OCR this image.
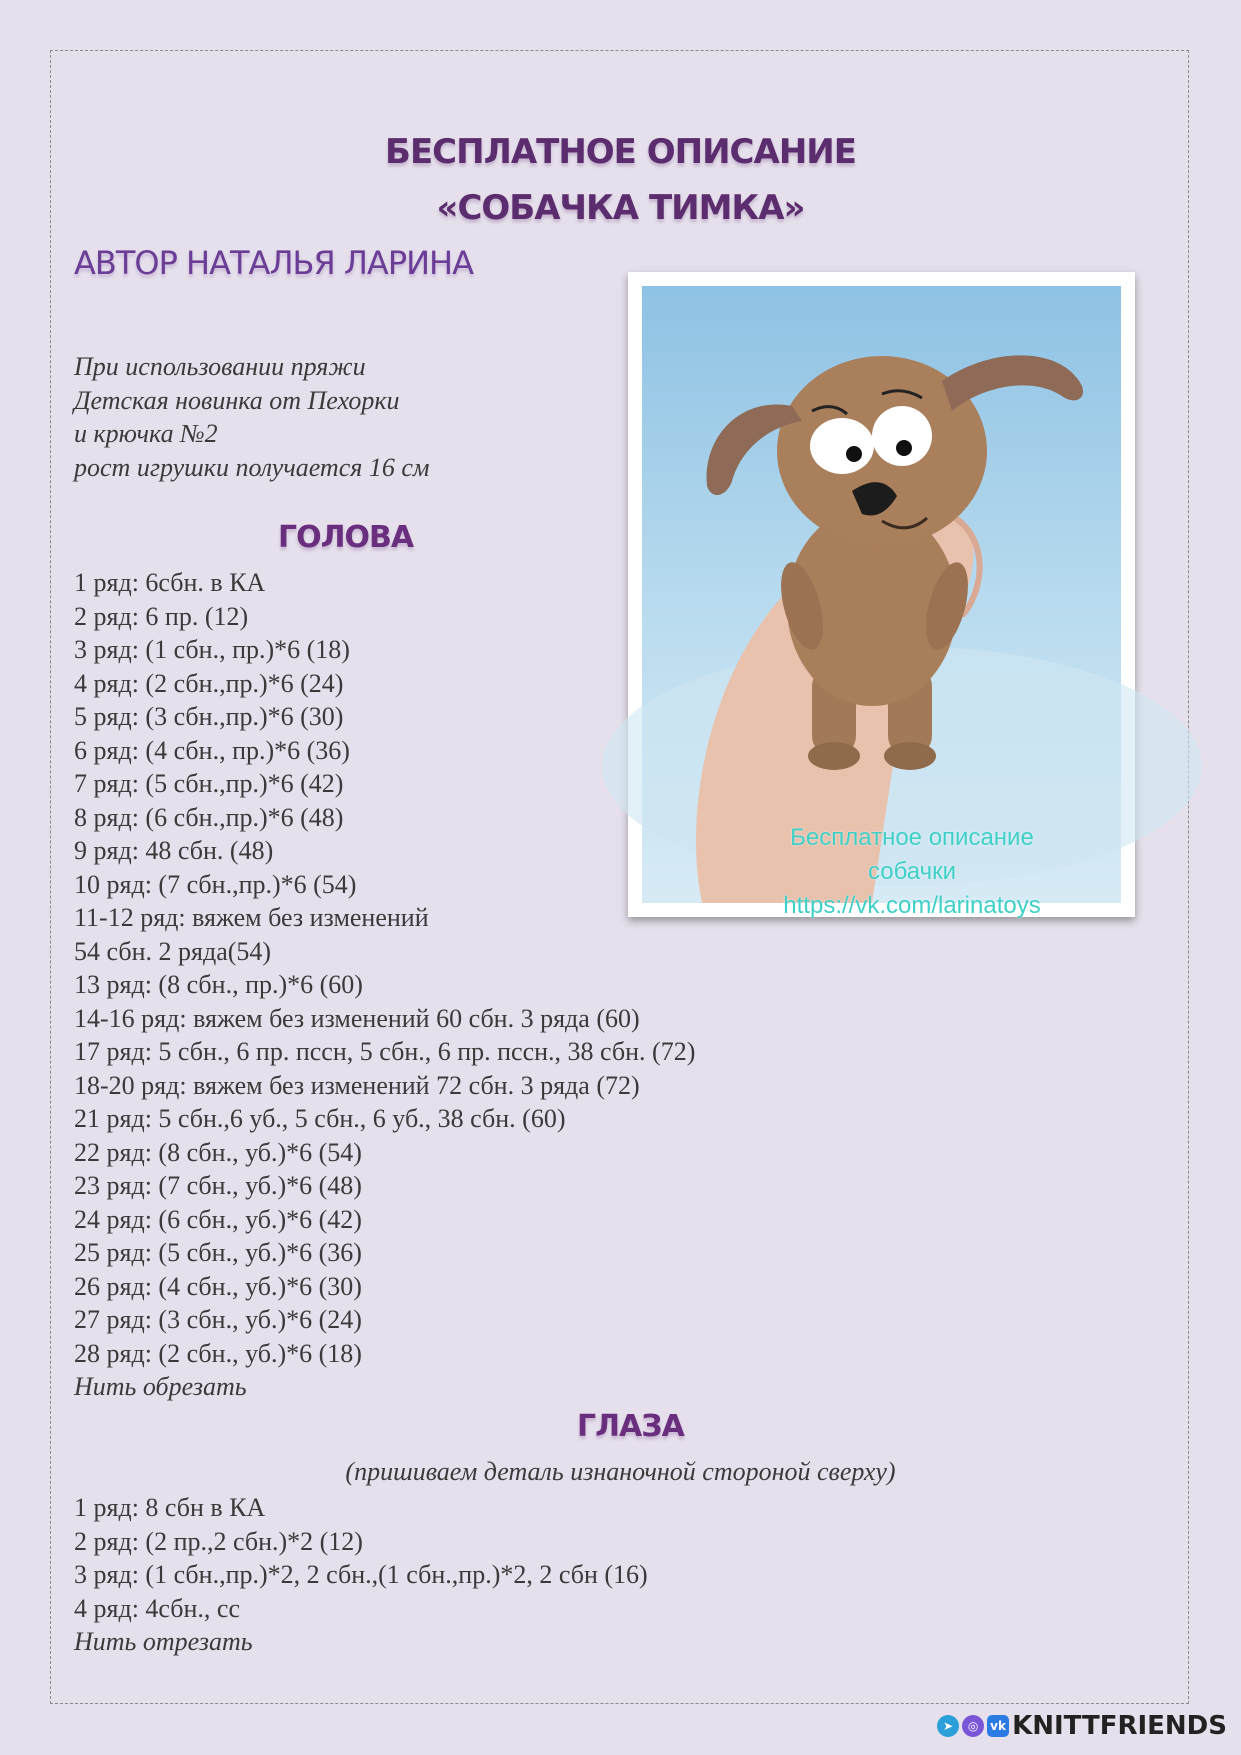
БЕСПЛАТНОЕ ОПИСАНИЕ
«СОБАЧКА ТИМКА»
АВТОР НАТАЛЬЯ ЛАРИНА
При использовании пряжи
Детская новинка от Пехорки
и крючка №2
рост игрушки получается 16 см
Бесплатное описание
собачки
https://vk.com/larinatoys
ГОЛОВА
1 ряд: 6сбн. в КА
2 ряд: 6 пр. (12)
3 ряд: (1 сбн., пр.)*6 (18)
4 ряд: (2 сбн.,пр.)*6 (24)
5 ряд: (3 сбн.,пр.)*6 (30)
6 ряд: (4 сбн., пр.)*6 (36)
7 ряд: (5 сбн.,пр.)*6 (42)
8 ряд: (6 сбн.,пр.)*6 (48)
9 ряд: 48 сбн. (48)
10 ряд: (7 сбн.,пр.)*6 (54)
11-12 ряд: вяжем без изменений
54 сбн. 2 ряда(54)
13 ряд: (8 сбн., пр.)*6 (60)
14-16 ряд: вяжем без изменений 60 сбн. 3 ряда (60)
17 ряд: 5 сбн., 6 пр. пссн, 5 сбн., 6 пр. пссн., 38 сбн. (72)
18-20 ряд: вяжем без изменений 72 сбн. 3 ряда (72)
21 ряд: 5 сбн.,6 уб., 5 сбн., 6 уб., 38 сбн. (60)
22 ряд: (8 сбн., уб.)*6 (54)
23 ряд: (7 сбн., уб.)*6 (48)
24 ряд: (6 сбн., уб.)*6 (42)
25 ряд: (5 сбн., уб.)*6 (36)
26 ряд: (4 сбн., уб.)*6 (30)
27 ряд: (3 сбн., уб.)*6 (24)
28 ряд: (2 сбн., уб.)*6 (18)
Нить обрезать
ГЛАЗА
(пришиваем деталь изнаночной стороной сверху)
1 ряд: 8 сбн в КА
2 ряд: (2 пр.,2 сбн.)*2 (12)
3 ряд: (1 сбн.,пр.)*2, 2 сбн.,(1 сбн.,пр.)*2, 2 сбн (16)
4 ряд: 4сбн., сс
Нить отрезать
➤	◎ vk KNITTFRIENDS
